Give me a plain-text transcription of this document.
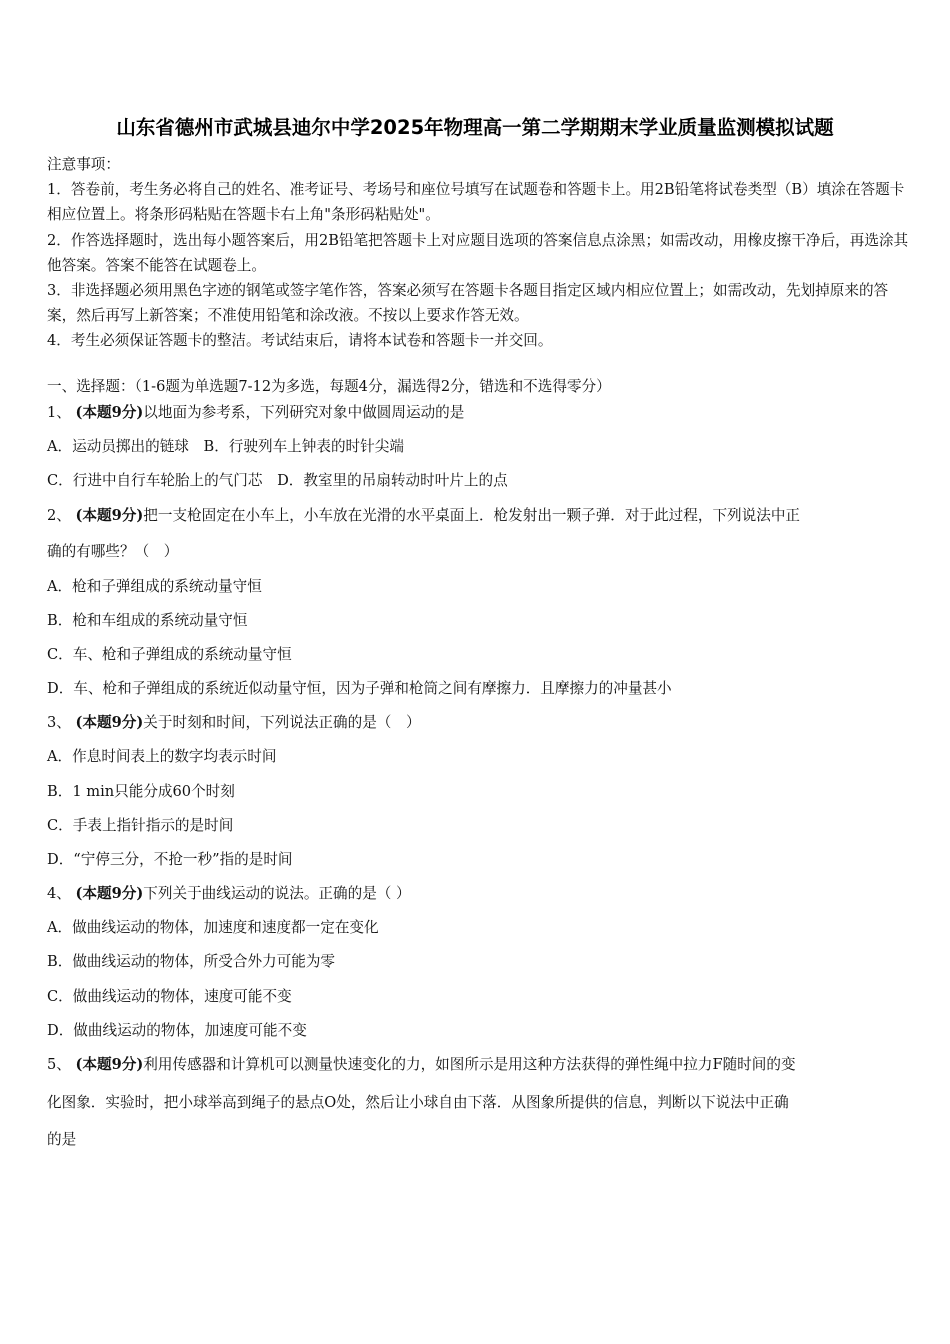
山东省德州市武城县迪尔中学2025年物理高一第二学期期末学业质量监测模拟试题

注意事项：

1．答卷前，考生务必将自己的姓名、准考证号、考场号和座位号填写在试题卷和答题卡上。用2B铅笔将试卷类型（B）填涂在答题卡相应位置上。将条形码粘贴在答题卡右上角"条形码粘贴处"。

2．作答选择题时，选出每小题答案后，用2B铅笔把答题卡上对应题目选项的答案信息点涂黑；如需改动，用橡皮擦干净后，再选涂其他答案。答案不能答在试题卷上。

3．非选择题必须用黑色字迹的钢笔或签字笔作答，答案必须写在答题卡各题目指定区域内相应位置上；如需改动，先划掉原来的答案，然后再写上新答案；不准使用铅笔和涂改液。不按以上要求作答无效。

4．考生必须保证答题卡的整洁。考试结束后，请将本试卷和答题卡一并交回。

一、选择题：（1-6题为单选题7-12为多选，每题4分，漏选得2分，错选和不选得零分）
1、 (本题9分)以地面为参考系，下列研究对象中做圆周运动的是
A．运动员掷出的链球　B．行驶列车上钟表的时针尖端
C．行进中自行车轮胎上的气门芯　D．教室里的吊扇转动时叶片上的点
2、 (本题9分)把一支枪固定在小车上，小车放在光滑的水平桌面上．枪发射出一颗子弹．对于此过程，下列说法中正
确的有哪些？（　）
A．枪和子弹组成的系统动量守恒
B．枪和车组成的系统动量守恒
C．车、枪和子弹组成的系统动量守恒
D．车、枪和子弹组成的系统近似动量守恒，因为子弹和枪筒之间有摩擦力．且摩擦力的冲量甚小
3、 (本题9分)关于时刻和时间，下列说法正确的是（　）
A．作息时间表上的数字均表示时间
B．1 min只能分成60个时刻
C．手表上指针指示的是时间
D．“宁停三分，不抢一秒”指的是时间
4、 (本题9分)下列关于曲线运动的说法。正确的是（ ）
A．做曲线运动的物体，加速度和速度都一定在变化
B．做曲线运动的物体，所受合外力可能为零
C．做曲线运动的物体，速度可能不变
D．做曲线运动的物体，加速度可能不变
5、 (本题9分)利用传感器和计算机可以测量快速变化的力，如图所示是用这种方法获得的弹性绳中拉力F随时间的变
化图象．实验时，把小球举高到绳子的悬点O处，然后让小球自由下落．从图象所提供的信息，判断以下说法中正确
的是
